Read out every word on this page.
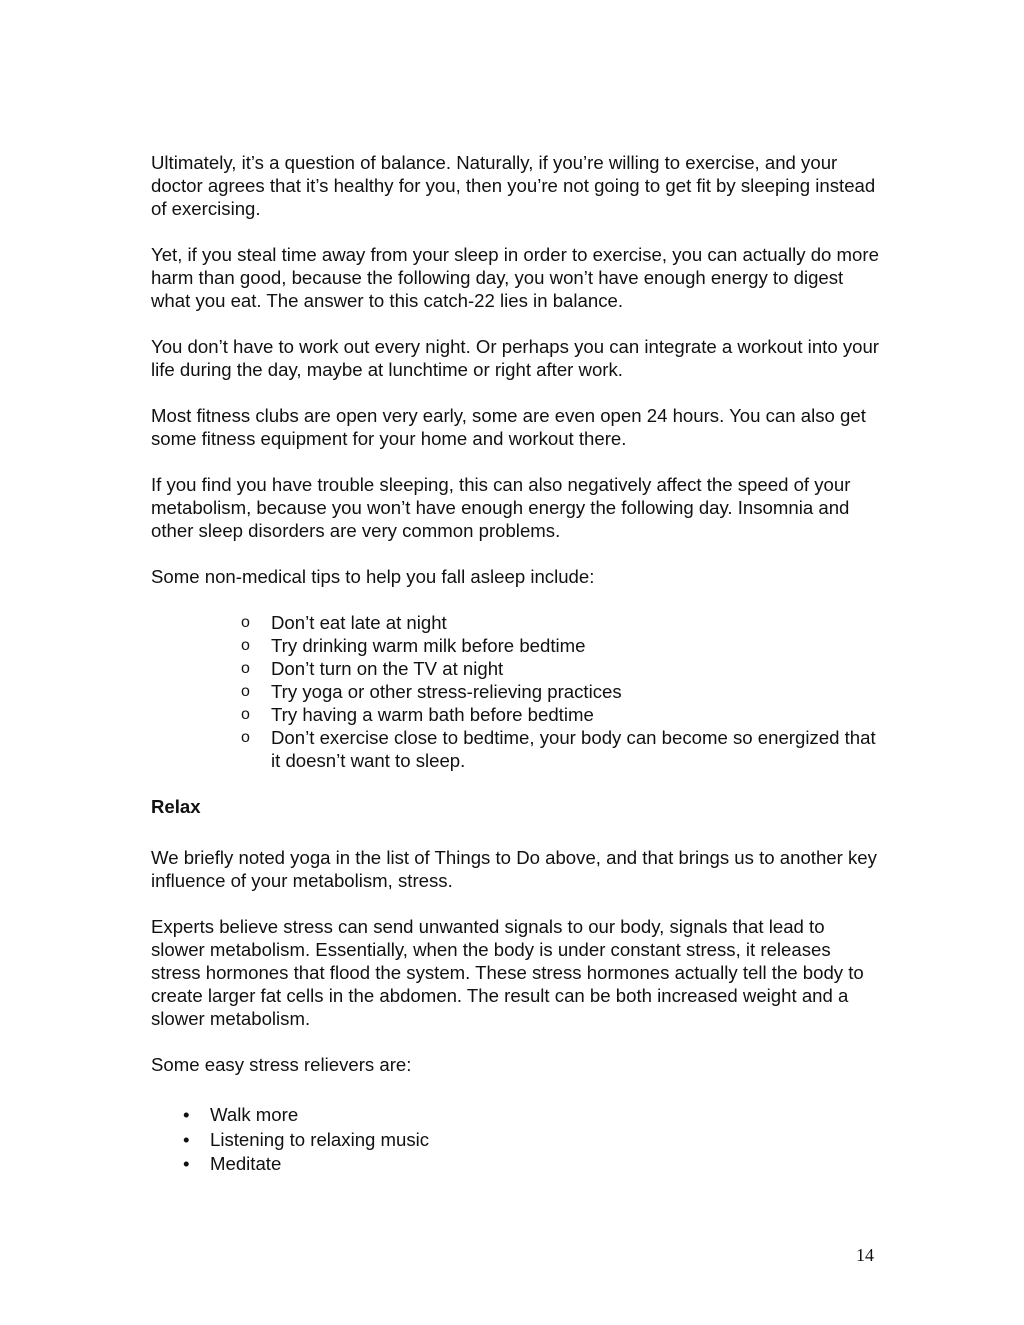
Ultimately, it’s a question of balance. Naturally, if you’re willing to exercise, and your doctor agrees that it’s healthy for you, then you’re not going to get fit by sleeping instead of exercising.

Yet, if you steal time away from your sleep in order to exercise, you can actually do more harm than good, because the following day, you won’t have enough energy to digest what you eat. The answer to this catch-22 lies in balance.

You don’t have to work out every night. Or perhaps you can integrate a workout into your life during the day, maybe at lunchtime or right after work.

Most fitness clubs are open very early, some are even open 24 hours. You can also get some fitness equipment for your home and workout there.

If you find you have trouble sleeping, this can also negatively affect the speed of your metabolism, because you won’t have enough energy the following day. Insomnia and other sleep disorders are very common problems.

Some non-medical tips to help you fall asleep include:

o Don’t eat late at night
o Try drinking warm milk before bedtime
o Don’t turn on the TV at night
o Try yoga or other stress-relieving practices
o Try having a warm bath before bedtime
o Don’t exercise close to bedtime, your body can become so energized that it doesn’t want to sleep.

Relax

We briefly noted yoga in the list of Things to Do above, and that brings us to another key influence of your metabolism, stress.

Experts believe stress can send unwanted signals to our body, signals that lead to slower metabolism. Essentially, when the body is under constant stress, it releases stress hormones that flood the system. These stress hormones actually tell the body to create larger fat cells in the abdomen. The result can be both increased weight and a slower metabolism.

Some easy stress relievers are:

• Walk more
• Listening to relaxing music
• Meditate
14
